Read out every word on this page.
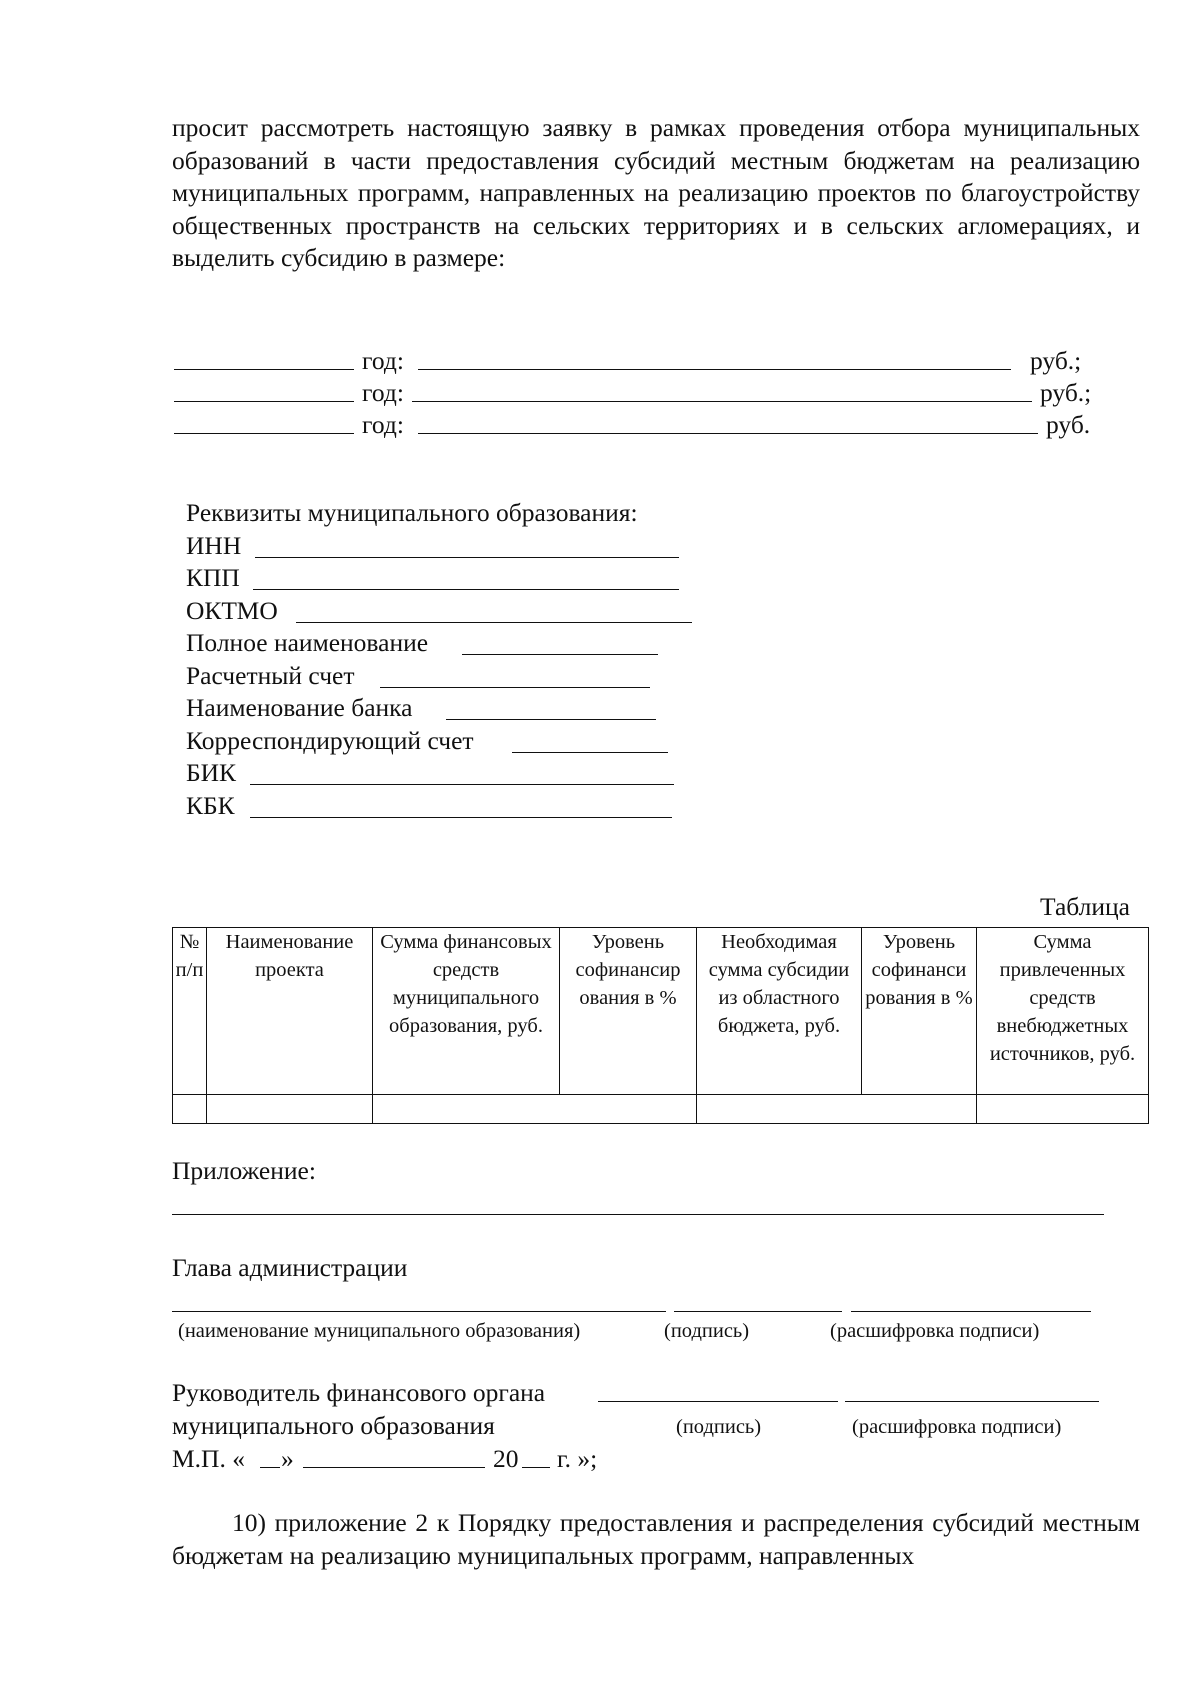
просит рассмотреть настоящую заявку в рамках проведения отбора муниципальных образований в части предоставления субсидий местным бюджетам на реализацию муниципальных программ, направленных на реализацию проектов по благоустройству общественных пространств на сельских территориях и в сельских агломерациях, и выделить субсидию в размере:

год:	руб.;
год:	руб.;
год:	руб.
Реквизиты муниципального образования:
ИНН
КПП
ОКТМО
Полное наименование
Расчетный счет
Наименование банка
Корреспондирующий счет
БИК
КБК
Таблица
№ п/п	Наименование проекта	Сумма финансовых средств муниципального образования, руб.	Уровень софинансир ования в %	Необходимая сумма субсидии из областного бюджета, руб.	Уровень софинанси рования в %	Сумма привлеченных средств внебюджетных источников, руб.

Приложение:
Глава администрации
(наименование муниципального образования)	(подпись)	(расшифровка подписи)
Руководитель финансового органа
муниципального образования	(подпись)	(расшифровка подписи)
М.П. « »	20 г. »;

10) приложение 2 к Порядку предоставления и распределения субсидий местным бюджетам на реализацию муниципальных программ, направленных
